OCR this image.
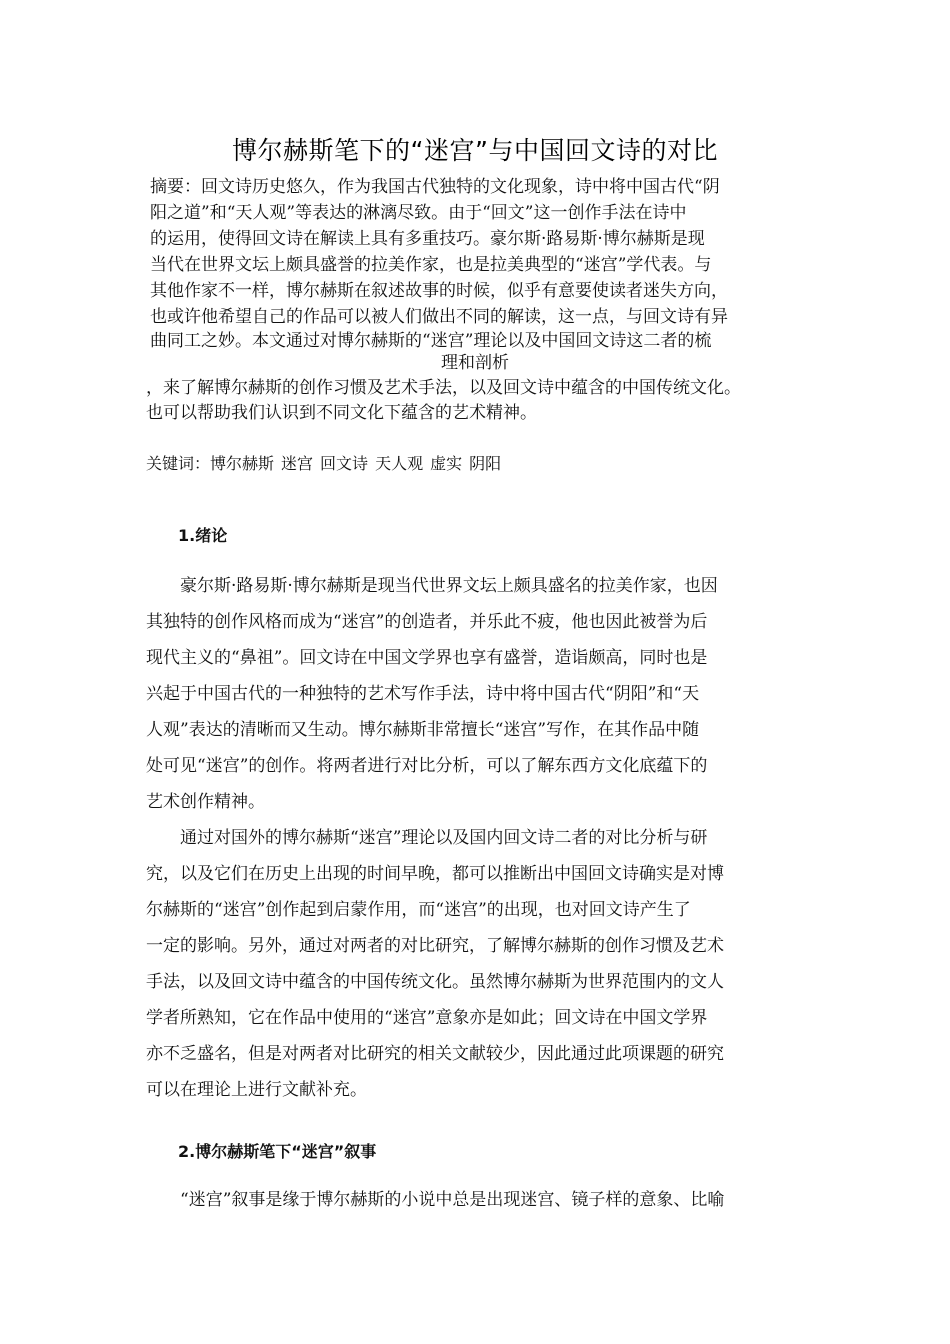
博尔赫斯笔下的“迷宫”与中国回文诗的对比
摘要：回文诗历史悠久，作为我国古代独特的文化现象，诗中将中国古代“阴
阳之道”和“天人观”等表达的淋漓尽致。由于“回文”这一创作手法在诗中
的运用，使得回文诗在解读上具有多重技巧。豪尔斯·路易斯·博尔赫斯是现
当代在世界文坛上颇具盛誉的拉美作家，也是拉美典型的“迷宫”学代表。与
其他作家不一样，博尔赫斯在叙述故事的时候，似乎有意要使读者迷失方向，
也或许他希望自己的作品可以被人们做出不同的解读，这一点，与回文诗有异
曲同工之妙。本文通过对博尔赫斯的“迷宫”理论以及中国回文诗这二者的梳
理和剖析
，来了解博尔赫斯的创作习惯及艺术手法，以及回文诗中蕴含的中国传统文化。
也可以帮助我们认识到不同文化下蕴含的艺术精神。
关键词：博尔赫斯 迷宫 回文诗 天人观 虚实 阴阳
1.绪论
　　豪尔斯·路易斯·博尔赫斯是现当代世界文坛上颇具盛名的拉美作家，也因
其独特的创作风格而成为“迷宫”的创造者，并乐此不疲，他也因此被誉为后
现代主义的“鼻祖”。回文诗在中国文学界也享有盛誉，造诣颇高，同时也是
兴起于中国古代的一种独特的艺术写作手法，诗中将中国古代“阴阳”和“天
人观”表达的清晰而又生动。博尔赫斯非常擅长“迷宫”写作，在其作品中随
处可见“迷宫”的创作。将两者进行对比分析，可以了解东西方文化底蕴下的
艺术创作精神。
　　通过对国外的博尔赫斯“迷宫”理论以及国内回文诗二者的对比分析与研
究，以及它们在历史上出现的时间早晚，都可以推断出中国回文诗确实是对博
尔赫斯的“迷宫”创作起到启蒙作用，而“迷宫”的出现，也对回文诗产生了
一定的影响。另外，通过对两者的对比研究，了解博尔赫斯的创作习惯及艺术
手法，以及回文诗中蕴含的中国传统文化。虽然博尔赫斯为世界范围内的文人
学者所熟知，它在作品中使用的“迷宫”意象亦是如此；回文诗在中国文学界
亦不乏盛名，但是对两者对比研究的相关文献较少，因此通过此项课题的研究
可以在理论上进行文献补充。
2.博尔赫斯笔下“迷宫”叙事
　　“迷宫”叙事是缘于博尔赫斯的小说中总是出现迷宫、镜子样的意象、比喻
